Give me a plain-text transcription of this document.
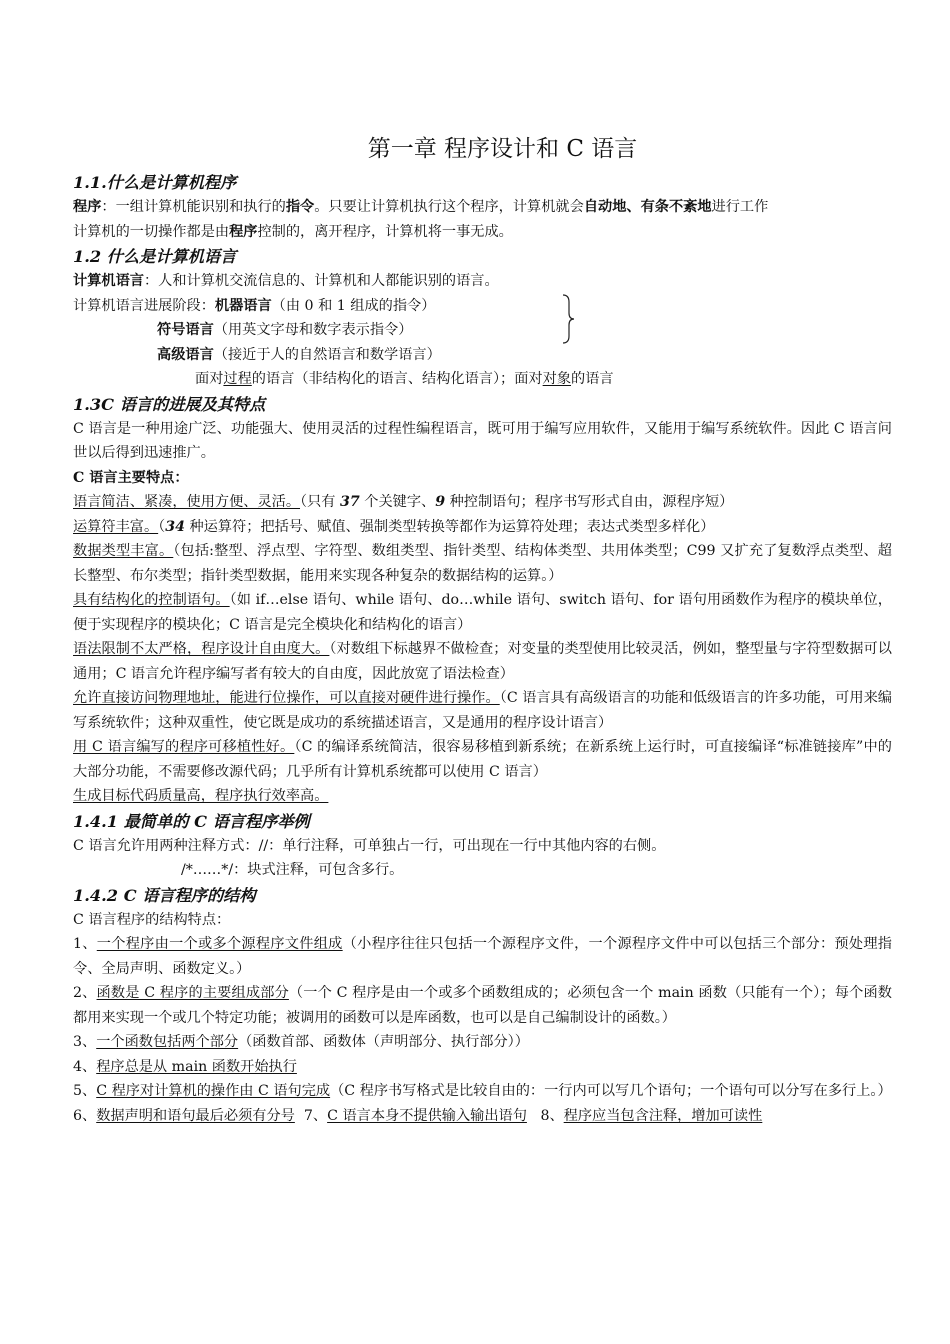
第一章 程序设计和 C 语言
1.1.什么是计算机程序

程序：一组计算机能识别和执行的指令。只要让计算机执行这个程序，计算机就会自动地、有条不紊地进行工作

计算机的一切操作都是由程序控制的，离开程序，计算机将一事无成。

1.2 什么是计算机语言

计算机语言：人和计算机交流信息的、计算机和人都能识别的语言。

计算机语言进展阶段：机器语言（由 0 和 1 组成的指令）

符号语言（用英文字母和数字表示指令）

高级语言（接近于人的自然语言和数学语言）

面对过程的语言（非结构化的语言、结构化语言）；面对对象的语言

1.3C 语言的进展及其特点

C 语言是一种用途广泛、功能强大、使用灵活的过程性编程语言，既可用于编写应用软件，又能用于编写系统软件。因此 C 语言问世以后得到迅速推广。

C 语言主要特点：

语言简洁、紧凑，使用方便、灵活。（只有 37 个关键字、9 种控制语句；程序书写形式自由，源程序短）

运算符丰富。（34 种运算符；把括号、赋值、强制类型转换等都作为运算符处理；表达式类型多样化）

数据类型丰富。（包括:整型、浮点型、字符型、数组类型、指针类型、结构体类型、共用体类型；C99 又扩充了复数浮点类型、超长整型、布尔类型；指针类型数据，能用来实现各种复杂的数据结构的运算。）

具有结构化的控制语句。（如 if…else 语句、while 语句、do…while 语句、switch 语句、for 语句用函数作为程序的模块单位，便于实现程序的模块化；C 语言是完全模块化和结构化的语言）

语法限制不太严格，程序设计自由度大。（对数组下标越界不做检查；对变量的类型使用比较灵活，例如，整型量与字符型数据可以通用；C 语言允许程序编写者有较大的自由度，因此放宽了语法检查）

允许直接访问物理地址，能进行位操作，可以直接对硬件进行操作。（C 语言具有高级语言的功能和低级语言的许多功能，可用来编写系统软件；这种双重性，使它既是成功的系统描述语言，又是通用的程序设计语言）

用 C 语言编写的程序可移植性好。（C 的编译系统简洁，很容易移植到新系统；在新系统上运行时，可直接编译“标准链接库”中的大部分功能，不需要修改源代码；几乎所有计算机系统都可以使用 C 语言）

生成目标代码质量高，程序执行效率高。

1.4.1 最简单的 C 语言程序举例

C 语言允许用两种注释方式：//：单行注释，可单独占一行，可出现在一行中其他内容的右侧。

/*……*/：块式注释，可包含多行。

1.4.2 C 语言程序的结构

C 语言程序的结构特点：

1、一个程序由一个或多个源程序文件组成（小程序往往只包括一个源程序文件，一个源程序文件中可以包括三个部分：预处理指令、全局声明、函数定义。）

2、函数是 C 程序的主要组成部分（一个 C 程序是由一个或多个函数组成的；必须包含一个 main 函数（只能有一个）；每个函数都用来实现一个或几个特定功能；被调用的函数可以是库函数，也可以是自己编制设计的函数。）

3、一个函数包括两个部分（函数首部、函数体（声明部分、执行部分））

4、程序总是从 main 函数开始执行

5、C 程序对计算机的操作由 C 语句完成（C 程序书写格式是比较自由的：一行内可以写几个语句；一个语句可以分写在多行上。）

6、数据声明和语句最后必须有分号 7、C 语言本身不提供输入输出语句 8、程序应当包含注释，增加可读性
